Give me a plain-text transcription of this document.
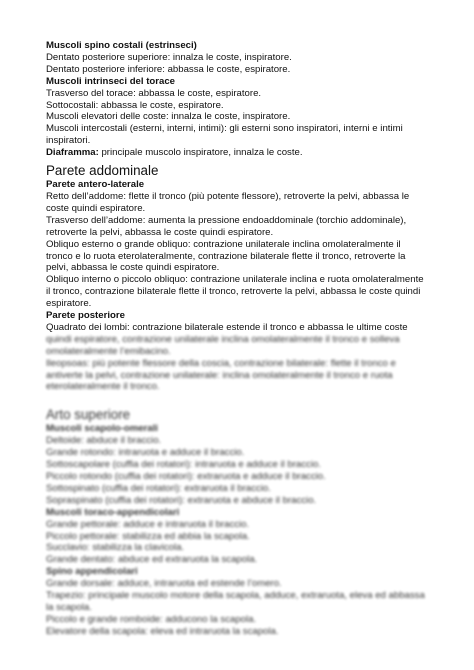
Muscoli spino costali (estrinseci)
Dentato posteriore superiore: innalza le coste, inspiratore.
Dentato posteriore inferiore: abbassa le coste, espiratore.
Muscoli intrinseci del torace
Trasverso del torace: abbassa le coste, espiratore.
Sottocostali: abbassa le coste, espiratore.
Muscoli elevatori delle coste: innalza le coste, inspiratore.
Muscoli intercostali (esterni, interni, intimi): gli esterni sono inspiratori, interni e intimi
inspiratori.
Diaframma: principale muscolo inspiratore, innalza le coste.
Parete addominale
Parete antero-laterale
Retto dell’addome: flette il tronco (più potente flessore), retroverte la pelvi, abbassa le
coste quindi espiratore.
Trasverso dell’addome: aumenta la pressione endoaddominale (torchio addominale),
retroverte la pelvi, abbassa le coste quindi espiratore.
Obliquo esterno o grande obliquo: contrazione unilaterale inclina omolateralmente il
tronco e lo ruota eterolateralmente, contrazione bilaterale flette il tronco, retroverte la
pelvi, abbassa le coste quindi espiratore.
Obliquo interno o piccolo obliquo: contrazione unilaterale inclina e ruota omolateralmente
il tronco, contrazione bilaterale flette il tronco, retroverte la pelvi, abbassa le coste quindi
espiratore.
Parete posteriore
Quadrato dei lombi: contrazione bilaterale estende il tronco e abbassa le ultime coste
quindi espiratore, contrazione unilaterale inclina omolateralmente il tronco e solleva
omolateralmente l’emibacino.
Ileopsoas: più potente flessore della coscia, contrazione bilaterale: flette il tronco e
antiverte la pelvi, contrazione unilaterale: inclina omolateralmente il tronco e ruota
eterolateralmente il tronco.
Arto superiore
Muscoli scapolo-omerali
Deltoide: abduce il braccio.
Grande rotondo: intraruota e adduce il braccio.
Sottoscapolare (cuffia dei rotatori): intraruota e adduce il braccio.
Piccolo rotondo (cuffia dei rotatori): extraruota e adduce il braccio.
Sottospinato (cuffia dei rotatori): extraruota il braccio.
Sopraspinato (cuffia dei rotatori): extraruota e abduce il braccio.
Muscoli toraco-appendicolari
Grande pettorale: adduce e intraruota il braccio.
Piccolo pettorale: stabilizza ed abbia la scapola.
Succlavio: stabilizza la clavicola.
Grande dentato: abduce ed extraruota la scapola.
Spino appendicolari
Grande dorsale: adduce, intraruota ed estende l’omero.
Trapezio: principale muscolo motore della scapola, adduce, extraruota, eleva ed abbassa
la scapola.
Piccolo e grande romboide: adducono la scapola.
Elevatore della scapola: eleva ed intraruota la scapola.
